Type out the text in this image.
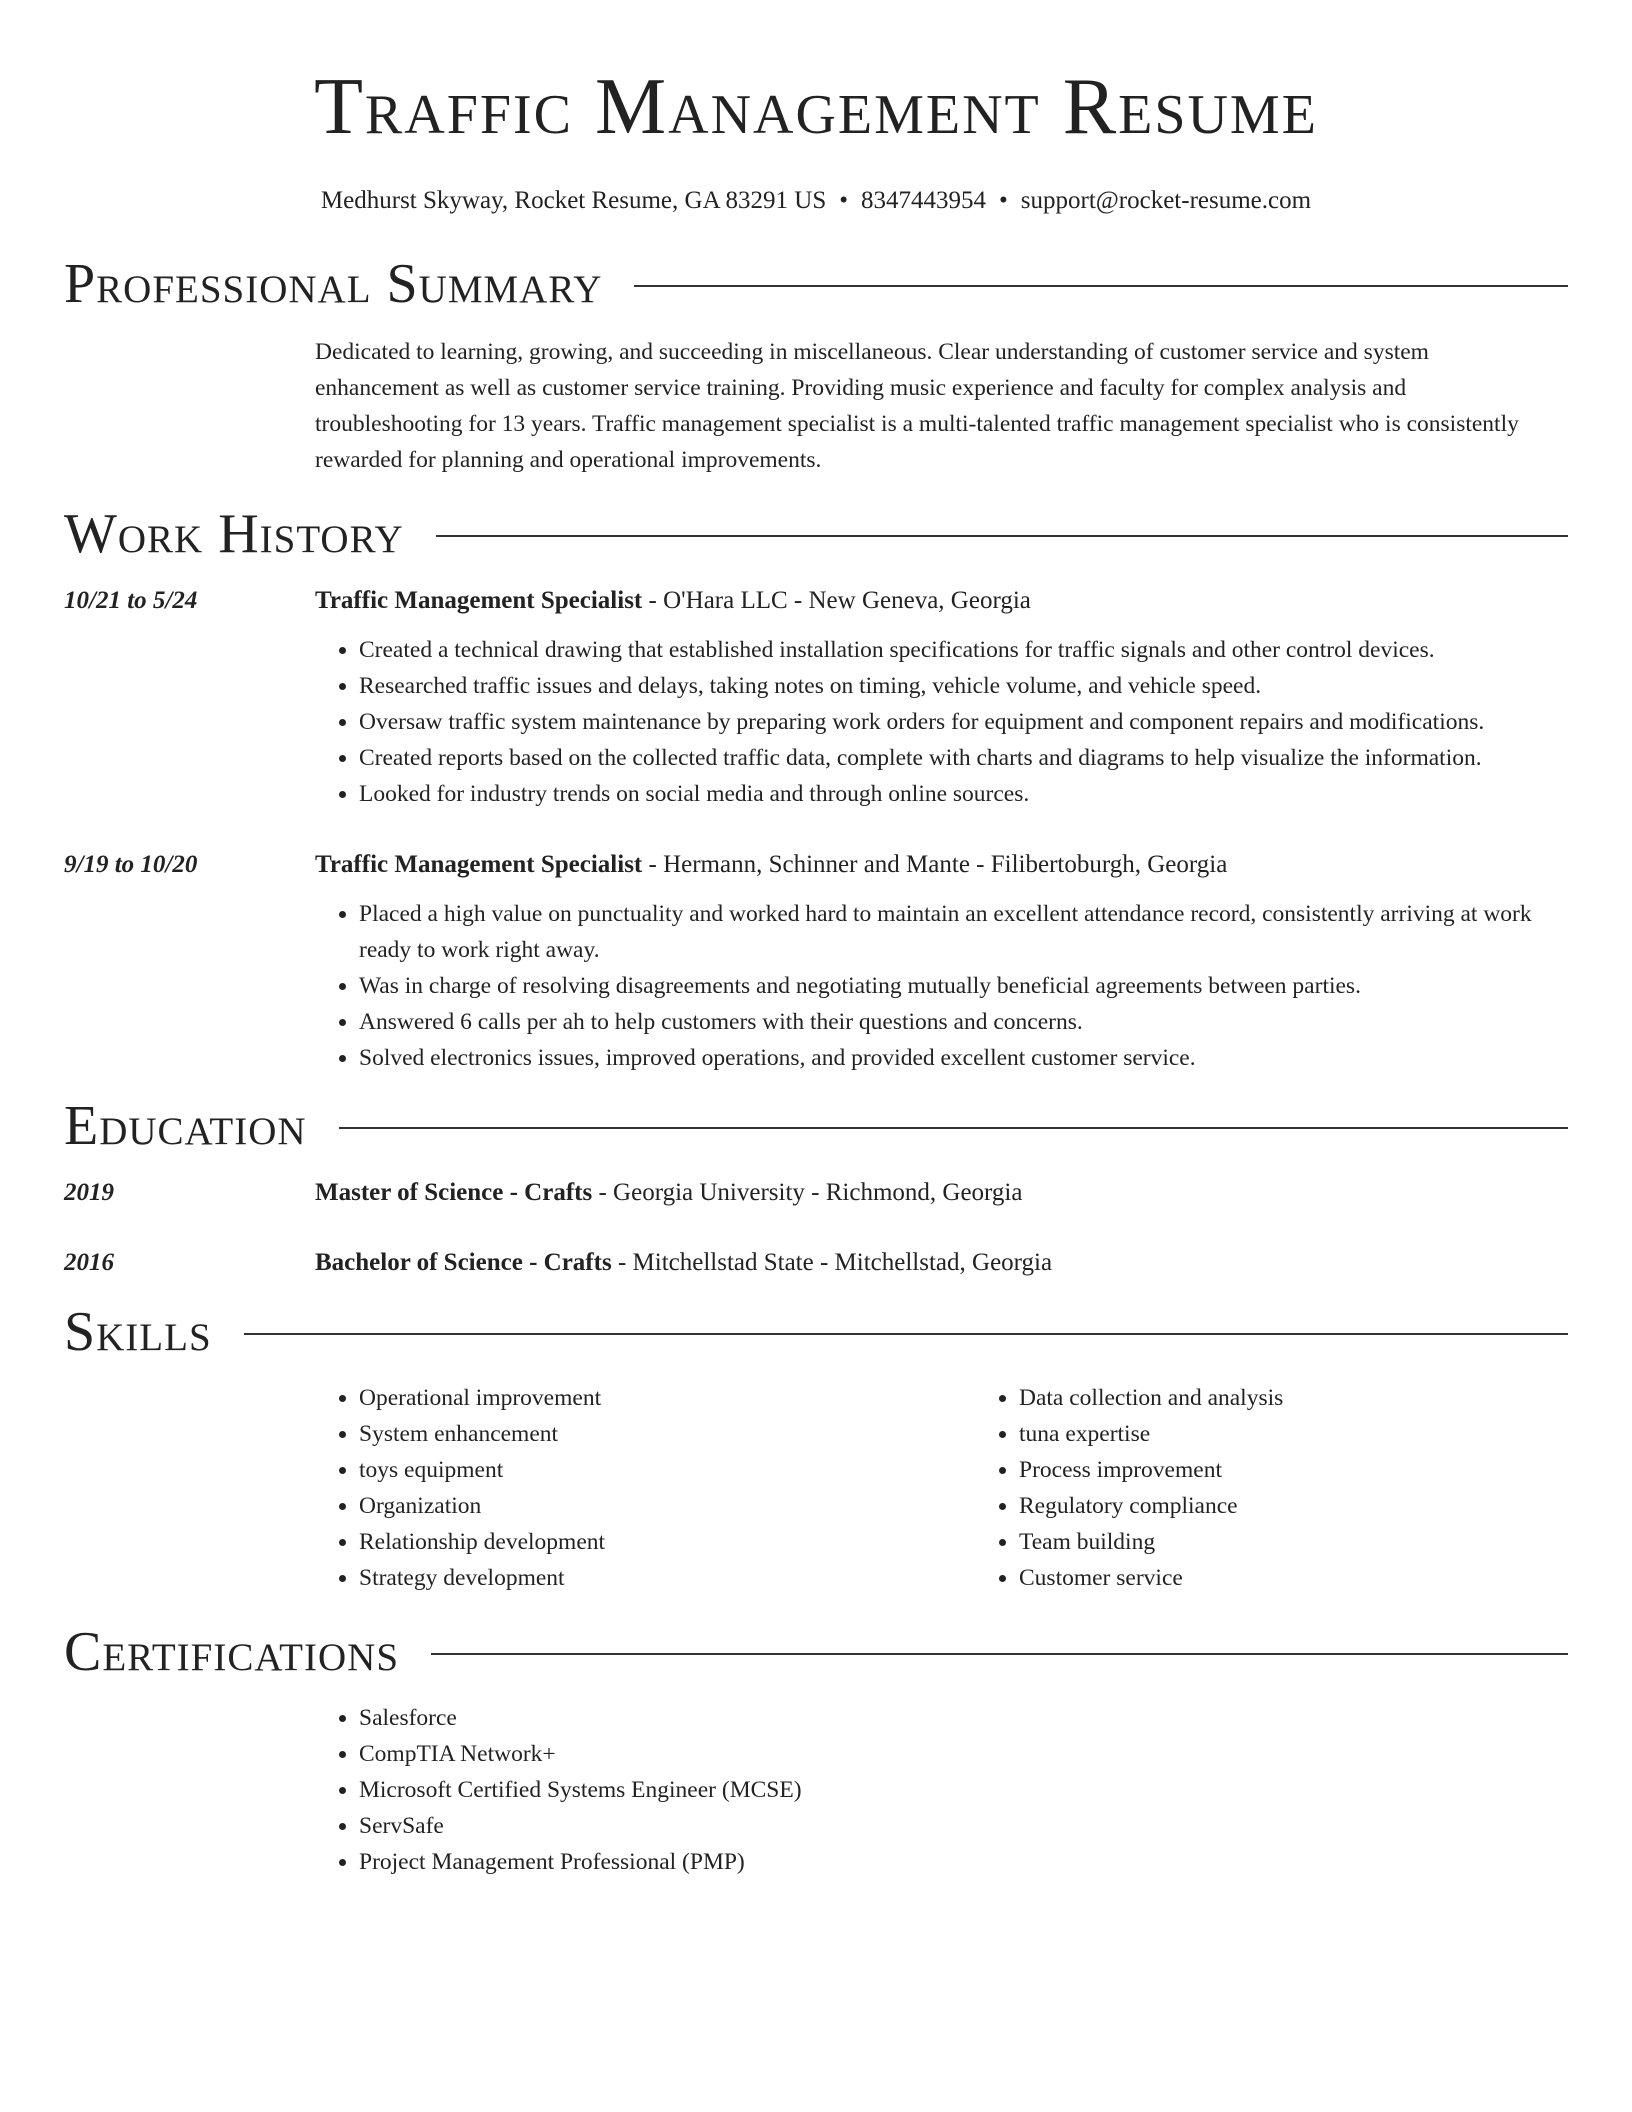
Traffic Management Resume
Medhurst Skyway, Rocket Resume, GA 83291 US • 8347443954 • support@rocket-resume.com
Professional Summary

Dedicated to learning, growing, and succeeding in miscellaneous. Clear understanding of customer service and system enhancement as well as customer service training. Providing music experience and faculty for complex analysis and troubleshooting for 13 years. Traffic management specialist is a multi-talented traffic management specialist who is consistently rewarded for planning and operational improvements.

Work History
10/21 to 5/24	Traffic Management Specialist - O'Hara LLC - New Geneva, Georgia
• Created a technical drawing that established installation specifications for traffic signals and other control devices.
• Researched traffic issues and delays, taking notes on timing, vehicle volume, and vehicle speed.
• Oversaw traffic system maintenance by preparing work orders for equipment and component repairs and modifications.
• Created reports based on the collected traffic data, complete with charts and diagrams to help visualize the information.
• Looked for industry trends on social media and through online sources.
9/19 to 10/20	Traffic Management Specialist - Hermann, Schinner and Mante - Filibertoburgh, Georgia
• Placed a high value on punctuality and worked hard to maintain an excellent attendance record, consistently arriving at work ready to work right away.
• Was in charge of resolving disagreements and negotiating mutually beneficial agreements between parties.
• Answered 6 calls per ah to help customers with their questions and concerns.
• Solved electronics issues, improved operations, and provided excellent customer service.
Education
2019	Master of Science - Crafts - Georgia University - Richmond, Georgia
2016	Bachelor of Science - Crafts - Mitchellstad State - Mitchellstad, Georgia
Skills
• Operational improvement
• System enhancement
• toys equipment
• Organization
• Relationship development
• Strategy development
• Data collection and analysis
• tuna expertise
• Process improvement
• Regulatory compliance
• Team building
• Customer service
Certifications
• Salesforce
• CompTIA Network+
• Microsoft Certified Systems Engineer (MCSE)
• ServSafe
• Project Management Professional (PMP)
